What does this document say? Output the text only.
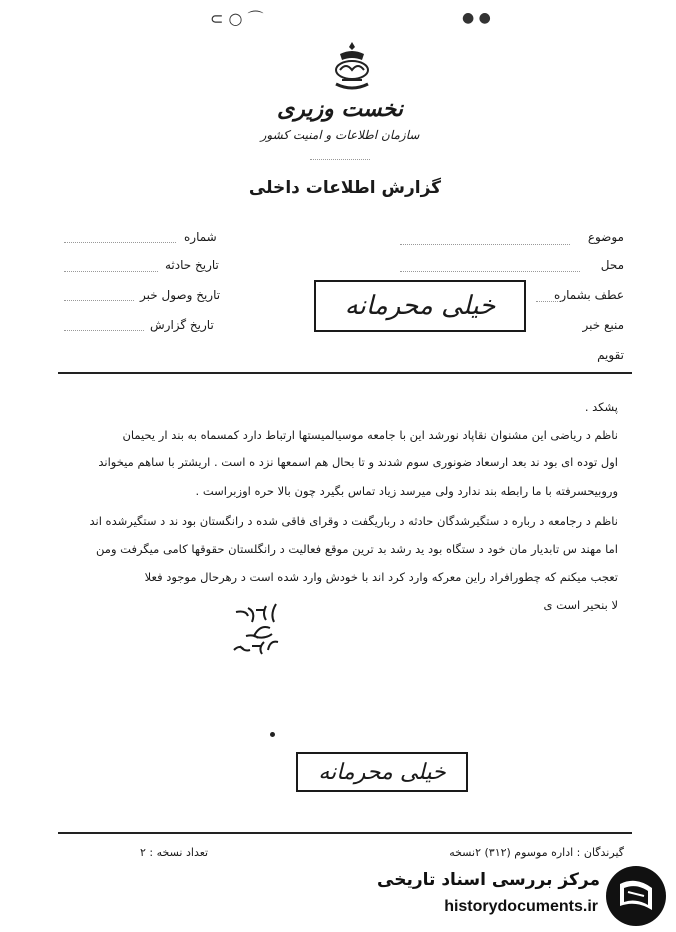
⊂ ○ ⌒	● ●
نخست وزیری
سازمان اطلاعات و امنیت کشور
گزارش اطلاعات داخلی
موضوع
محل
عطف بشماره
منبع خبر
تقویم
شماره
تاریخ حادثه
تاریخ وصول خبر
تاریخ گزارش
خیلی محرمانه
پشکد .
ناظم د ریاضی این مشنوان نقاپاد نورشد این با جامعه موسیالمیستها ارتباط دارد کمسماه به بند ار یحیمان
اول توده ای بود ند بعد ارسعاد ضونوری سوم شدند و تا بحال هم اسمعها نزد ه است . اریشتر با ساهم میخواند
وروبیحسرفته با ما رابطه بند ندارد ولی میرسد زیاد تماس بگیرد چون بالا حره اوزبراست .
ناظم د رجامعه د رباره د ستگیرشدگان حادثه د رباریگفت د وقرای فاقی شده د رانگستان بود ند د ستگیرشده اند
اما مهند س تابدیار مان خود د ستگاه بود ید رشد بد ترین موقع فعالیت د رانگلستان حقوقها کامی میگرفت ومن
تعجب میکنم که چطورافراد راین معرکه وارد کرد اند با خودش وارد شده است د رهرحال موجود فعلا
لا بنحیر است ی
خیلی محرمانه
گیرندگان : اداره موسوم (۳۱۲) ۲نسخه
تعداد نسخه : ۲
مرکز بررسی اسناد تاریخی
historydocuments.ir
